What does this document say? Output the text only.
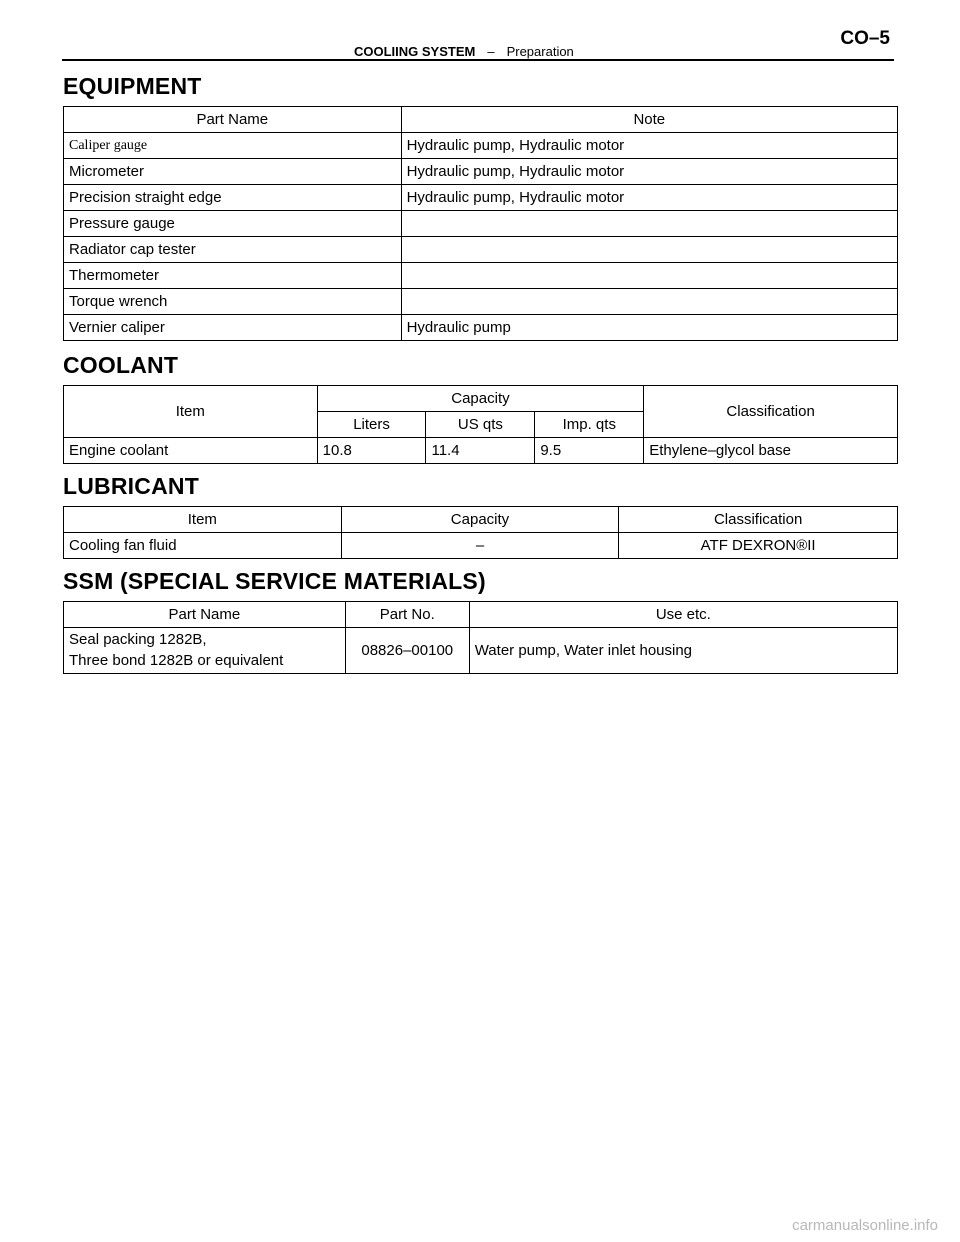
COOLIING SYSTEM – Preparation
CO–5
EQUIPMENT
Part Name	Note
Caliper gauge	Hydraulic pump, Hydraulic motor
Micrometer	Hydraulic pump, Hydraulic motor
Precision straight edge	Hydraulic pump, Hydraulic motor
Pressure gauge	
Radiator cap tester	
Thermometer	
Torque wrench	
Vernier caliper	Hydraulic pump
COOLANT
Item	Capacity			Classification
	Liters	US qts	Imp. qts	
Engine coolant	10.8	11.4	9.5	Ethylene–glycol base
LUBRICANT
Item	Capacity	Classification
Cooling fan fluid	–	ATF DEXRON®II
SSM (SPECIAL SERVICE MATERIALS)
Part Name	Part No.	Use etc.

Seal packing 1282B,
Three bond 1282B or equivalent	08826–00100	Water pump, Water inlet housing
carmanualsonline.info
